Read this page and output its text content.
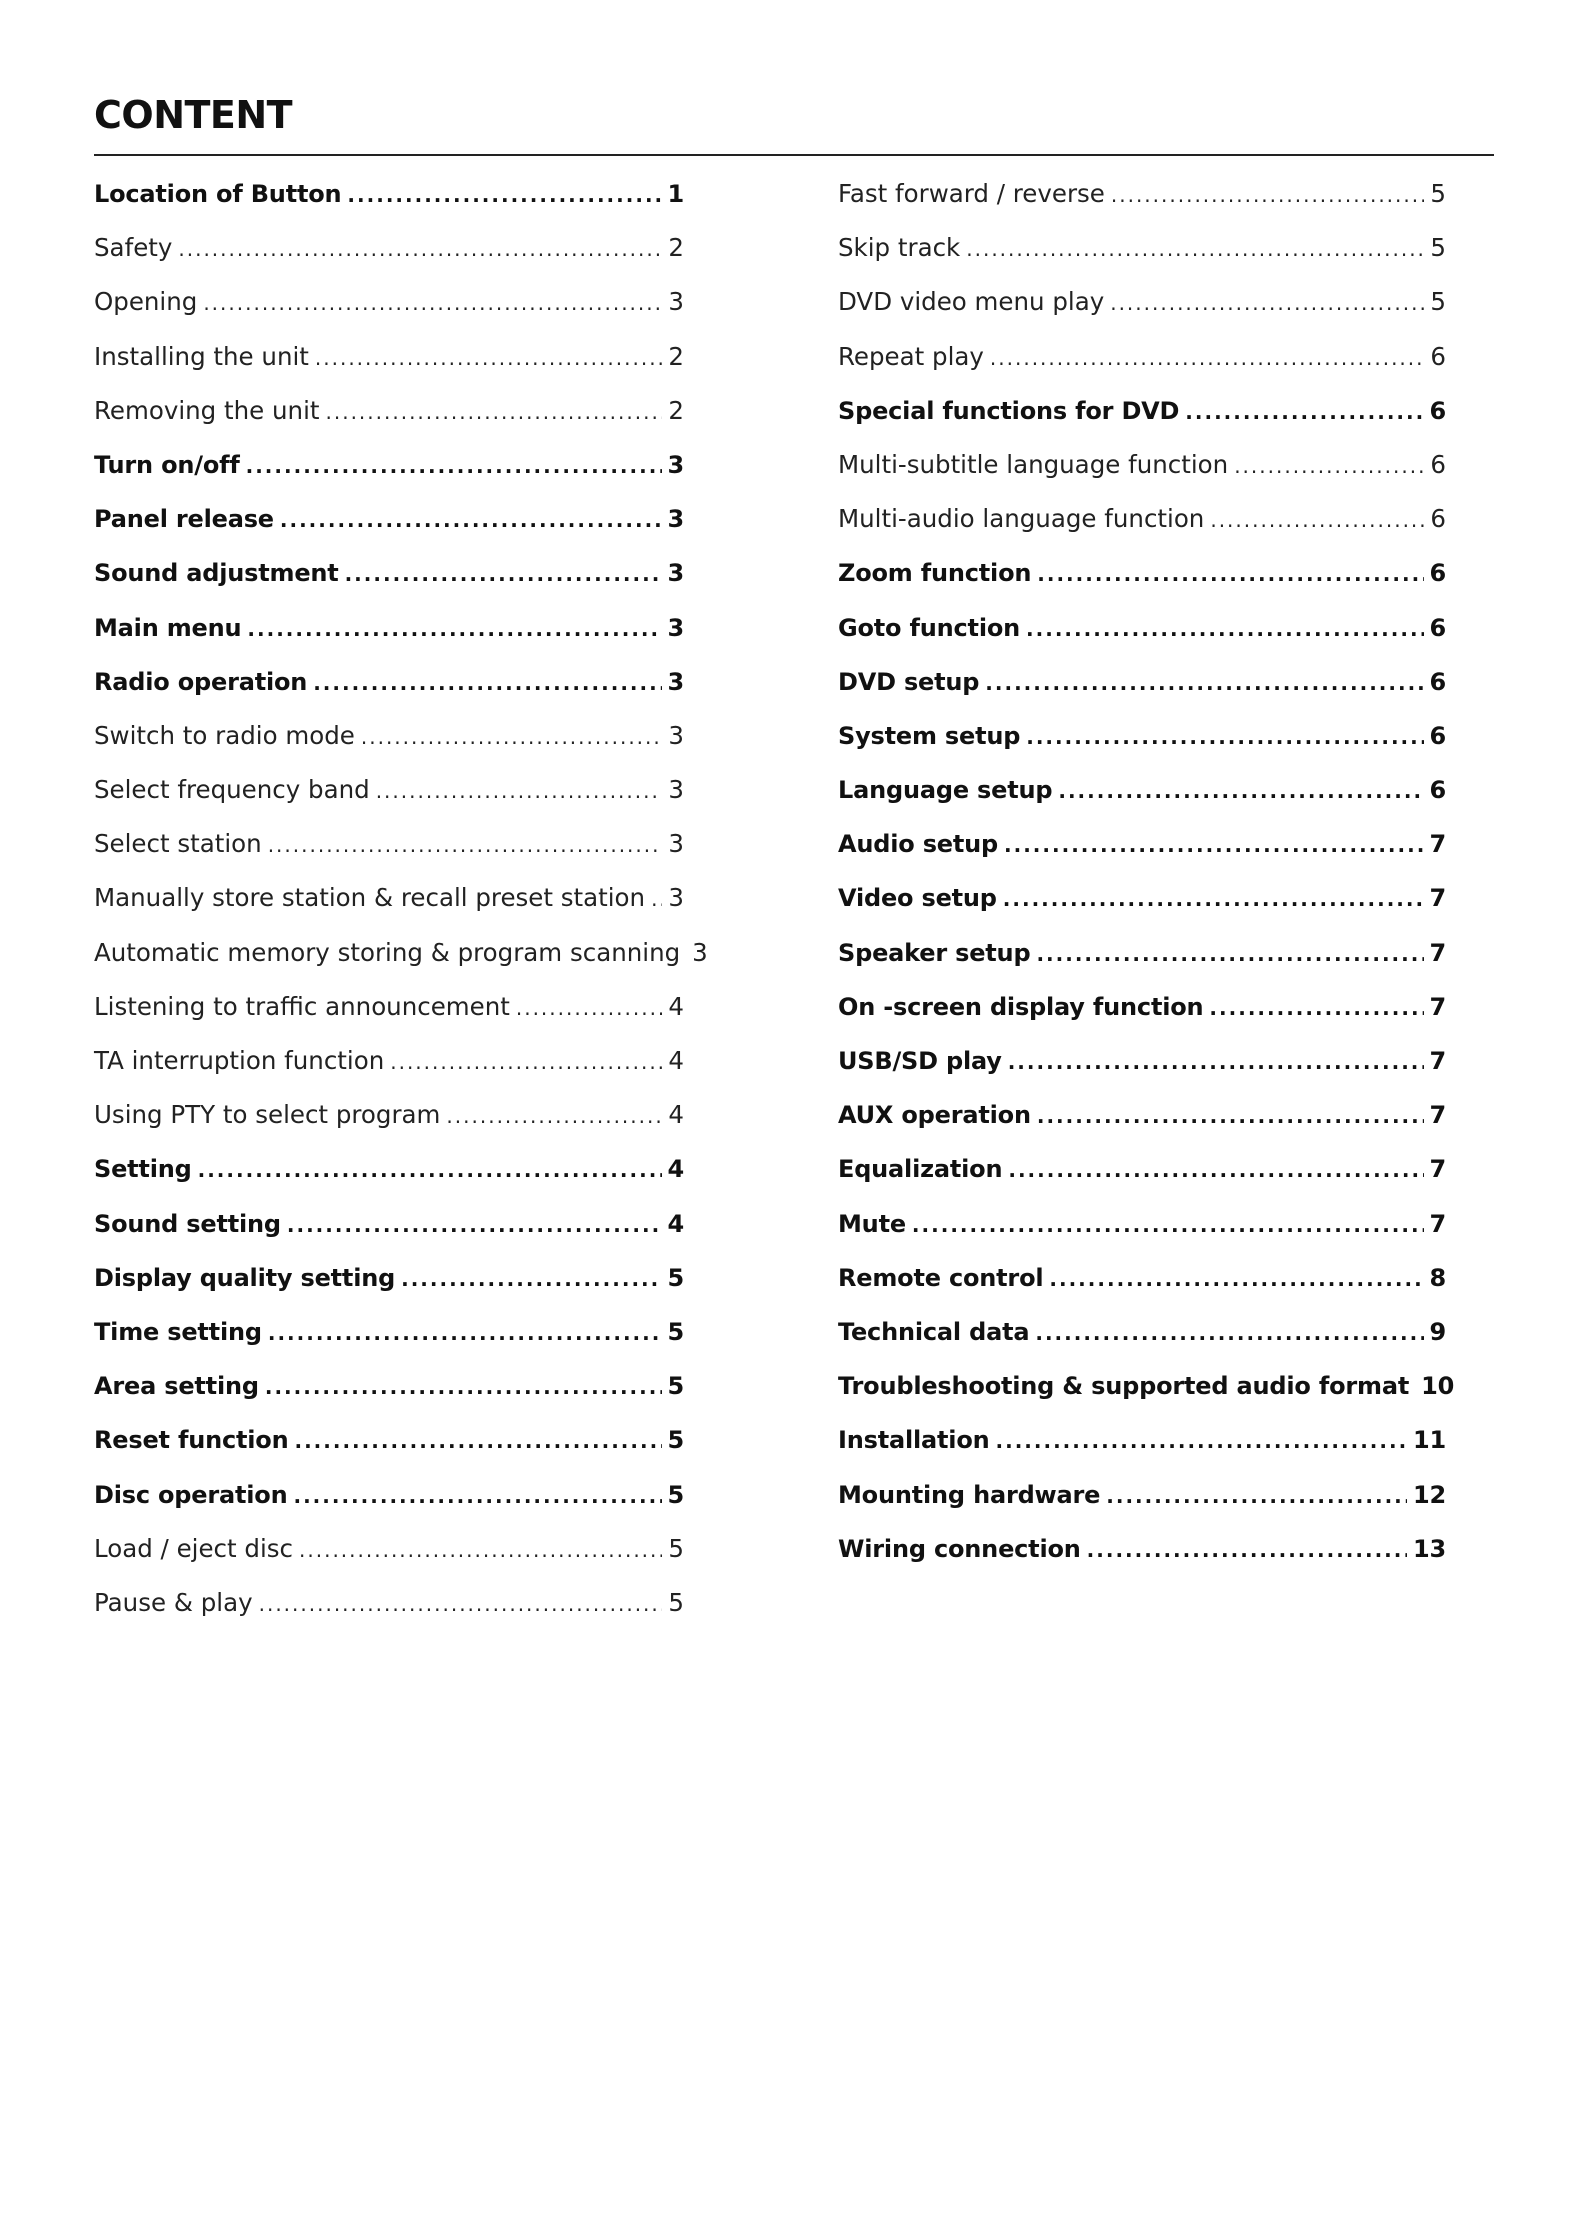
CONTENT
Location of Button .....	1
Safety .....	2
Opening .....	3
Installing the unit .....	2
Removing the unit .....	2
Turn on/off .....	3
Panel release .....	3
Sound adjustment .....	3
Main menu .....	3
Radio operation .....	3
Switch to radio mode .....	3
Select frequency band .....	3
Select station .....	3
Manually store station & recall preset station ..... 3
Automatic memory storing & program scanning 3
Listening to traffic announcement .....	4
TA interruption function .....	4
Using PTY to select program .....	4
Setting .....	4
Sound setting .....	4
Display quality setting .....	5
Time setting .....	5
Area setting .....	5
Reset function .....	5
Disc operation .....	5
Load / eject disc .....	5
Pause & play .....	5
Fast forward / reverse .....	5
Skip track .....	5
DVD video menu play .....	5
Repeat play .....	6
Special functions for DVD .....	6
Multi-subtitle language function .....	6
Multi-audio language function .....	6
Zoom function .....	6
Goto function .....	6
DVD setup .....	6
System setup .....	6
Language setup .....	6
Audio setup .....	7
Video setup .....	7
Speaker setup .....	7
On -screen display function .....	7
USB/SD play .....	7
AUX operation .....	7
Equalization .....	7
Mute .....	7
Remote control .....	8
Technical data .....	9
Troubleshooting & supported audio format 10
Installation .....	11
Mounting hardware .....	12
Wiring connection .....	13
